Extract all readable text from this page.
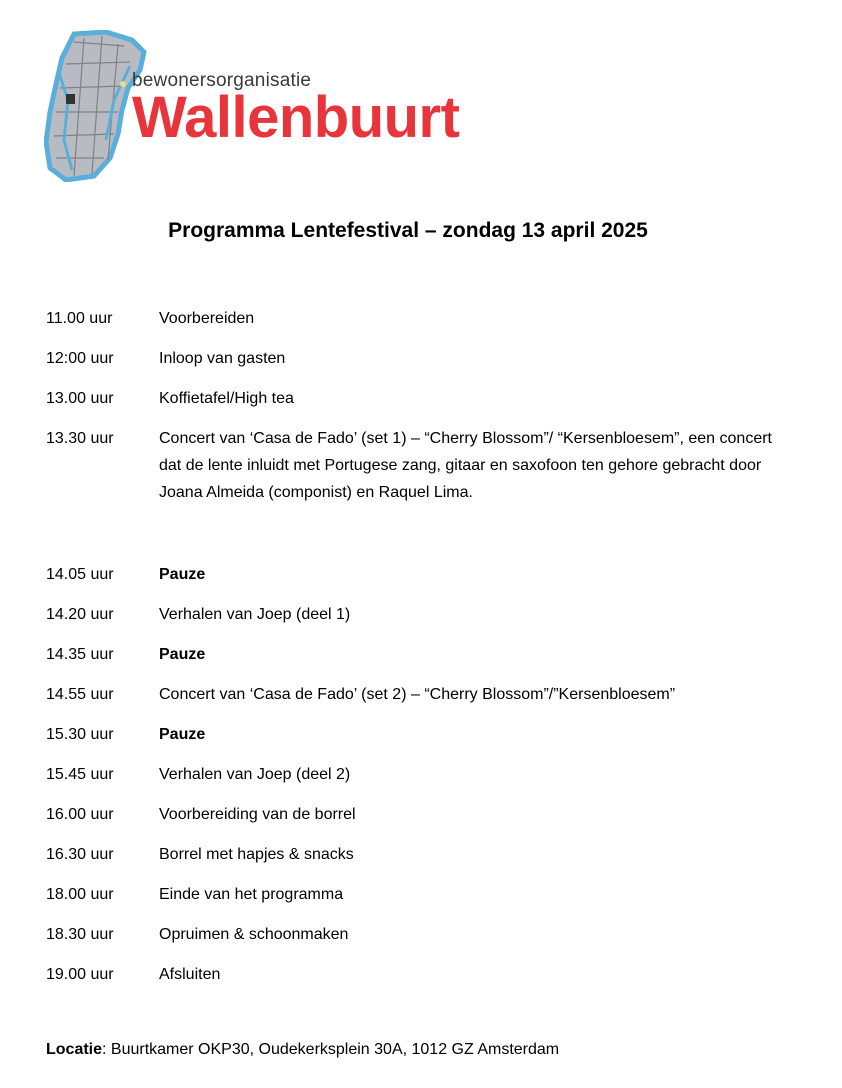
bewonersorganisatie
Wallenbuurt
Programma Lentefestival – zondag 13 april 2025
11.00 uur	Voorbereiden
12:00 uur	Inloop van gasten
13.00 uur	Koffietafel/High tea
13.30 uur	Concert van ‘Casa de Fado’ (set 1) – “Cherry Blossom”/ “Kersenbloesem”, een concert dat de lente inluidt met Portugese zang, gitaar en saxofoon ten gehore gebracht door Joana Almeida (componist) en Raquel Lima.
14.05 uur	Pauze
14.20 uur	Verhalen van Joep (deel 1)
14.35 uur	Pauze
14.55 uur	Concert van ‘Casa de Fado’ (set 2) – “Cherry Blossom”/”Kersenbloesem”
15.30 uur	Pauze
15.45 uur	Verhalen van Joep (deel 2)
16.00 uur	Voorbereiding van de borrel
16.30 uur	Borrel met hapjes & snacks
18.00 uur	Einde van het programma
18.30 uur	Opruimen & schoonmaken
19.00 uur	Afsluiten
Locatie: Buurtkamer OKP30, Oudekerksplein 30A, 1012 GZ Amsterdam
